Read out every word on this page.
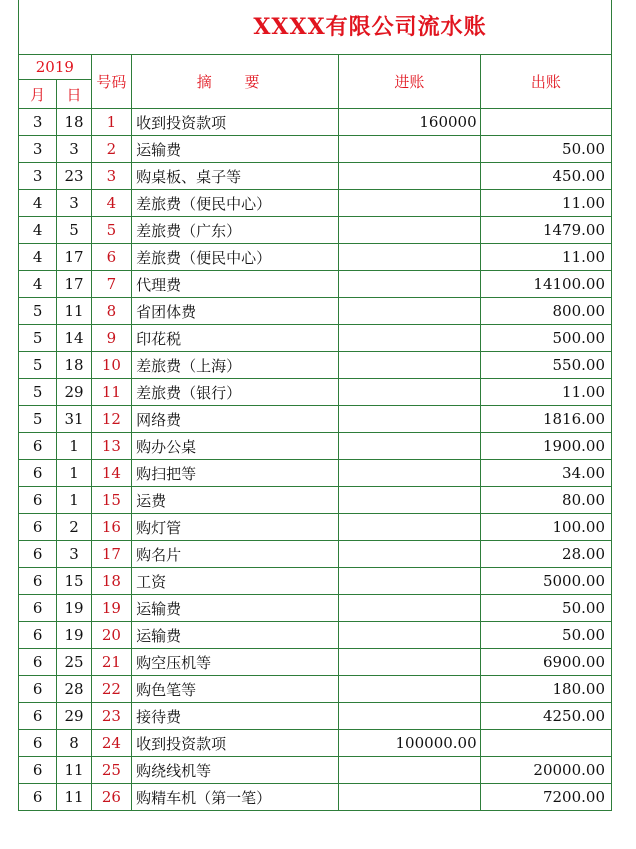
XXXX有限公司流水账
2019		号码	摘 要	进账	出账
月	日				
3	18	1	收到投资款项	160000	
3	3	2	运输费		50.00
3	23	3	购桌板、桌子等		450.00
4	3	4	差旅费（便民中心）		11.00
4	5	5	差旅费（广东）		1479.00
4	17	6	差旅费（便民中心）		11.00
4	17	7	代理费		14100.00
5	11	8	省团体费		800.00
5	14	9	印花税		500.00
5	18	10	差旅费（上海）		550.00
5	29	11	差旅费（银行）		11.00
5	31	12	网络费		1816.00
6	1	13	购办公桌		1900.00
6	1	14	购扫把等		34.00
6	1	15	运费		80.00
6	2	16	购灯管		100.00
6	3	17	购名片		28.00
6	15	18	工资		5000.00
6	19	19	运输费		50.00
6	19	20	运输费		50.00
6	25	21	购空压机等		6900.00
6	28	22	购色笔等		180.00
6	29	23	接待费		4250.00
6	8	24	收到投资款项	100000.00	
6	11	25	购绕线机等		20000.00
6	11	26	购精车机（第一笔）		7200.00
